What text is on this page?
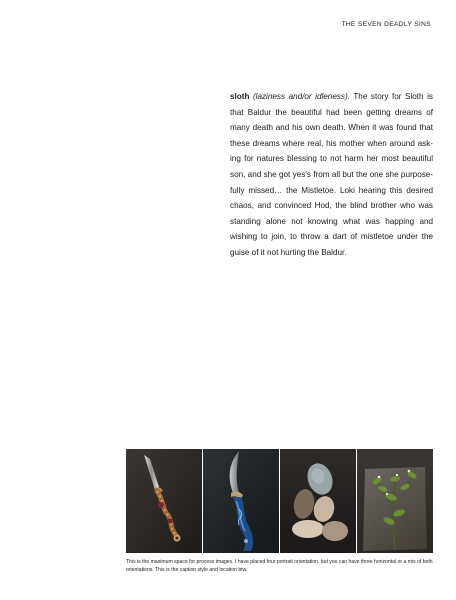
THE SEVEN DEADLY SINS

sloth (laziness and/or idleness). The story for Sloth is that Baldur the beautiful had been getting dreams of many death and his own death. When it was found that these dreams where real, his mother when around ask-ing for natures blessing to not harm her most beautiful son, and she got yes’s from all but the one she purpose-fully missed… the Mistletoe. Loki hearing this desired chaos, and convinced Hod, the blind brother who was standing alone not knowing what was happing and wishing to join, to throw a dart of mistletoe under the guise of it not hurting the Baldur.

This is the maximum space for process images. I have placed four portrait orientation, but you can have three horizontal or a mix of both orientations. This is the caption style and location btw.
